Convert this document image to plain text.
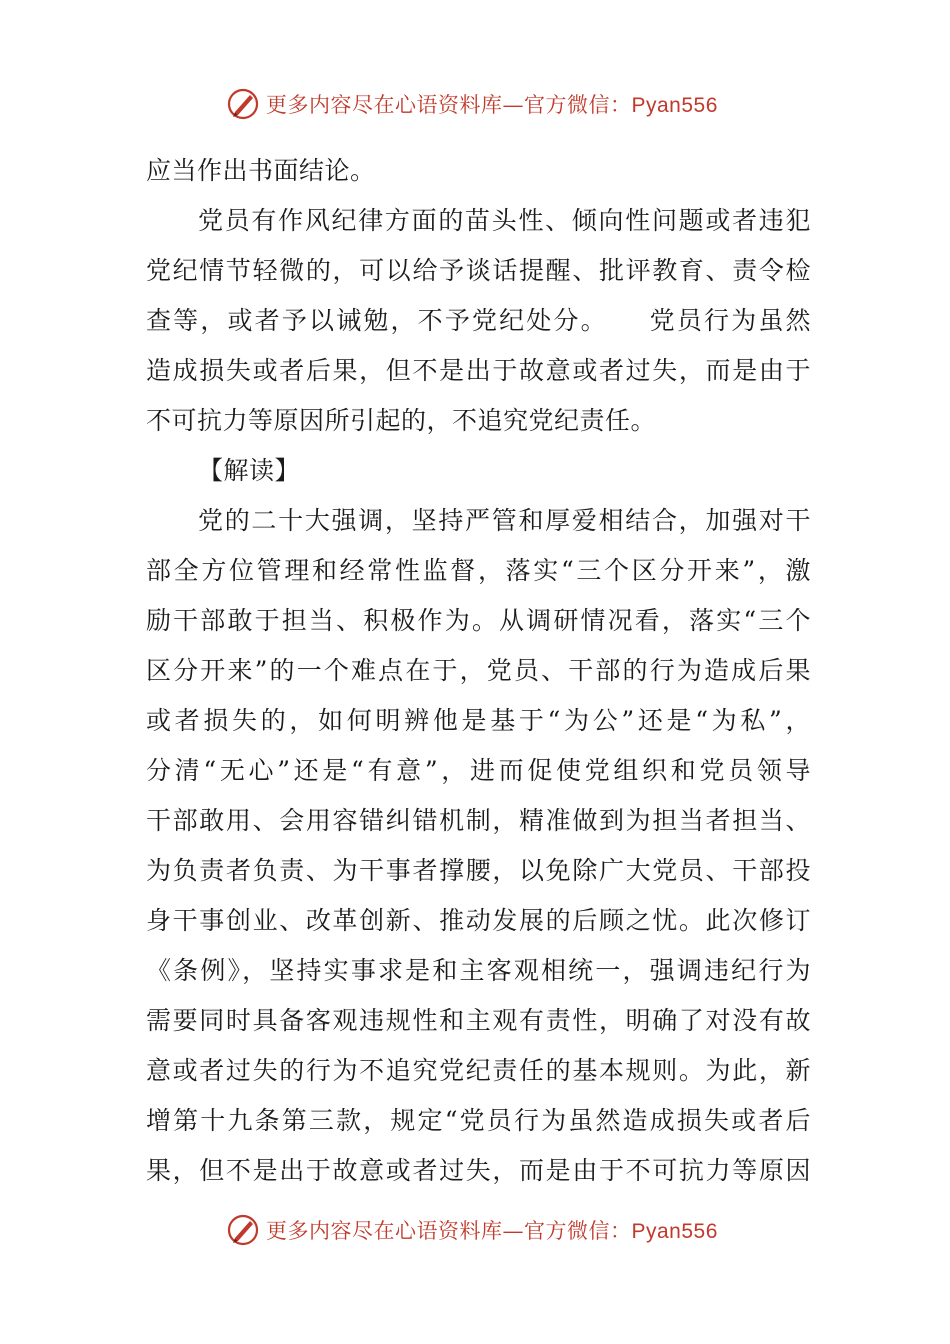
更多内容尽在心语资料库—官方微信：Pyan556
应当作出书面结论。
党员有作风纪律方面的苗头性、倾向性问题或者违犯
党纪情节轻微的，可以给予谈话提醒、批评教育、责令检
查等，或者予以诫勉，不予党纪处分。　　党员行为虽然
造成损失或者后果，但不是出于故意或者过失，而是由于
不可抗力等原因所引起的，不追究党纪责任。
【解读】
党的二十大强调，坚持严管和厚爱相结合，加强对干
部全方位管理和经常性监督，落实“三个区分开来”，激
励干部敢于担当、积极作为。从调研情况看，落实“三个
区分开来”的一个难点在于，党员、干部的行为造成后果
或者损失的，如何明辨他是基于“为公”还是“为私”，
分清“无心”还是“有意”，进而促使党组织和党员领导
干部敢用、会用容错纠错机制，精准做到为担当者担当、
为负责者负责、为干事者撑腰，以免除广大党员、干部投
身干事创业、改革创新、推动发展的后顾之忧。此次修订
《条例》，坚持实事求是和主客观相统一，强调违纪行为
需要同时具备客观违规性和主观有责性，明确了对没有故
意或者过失的行为不追究党纪责任的基本规则。为此，新
增第十九条第三款，规定“党员行为虽然造成损失或者后
果，但不是出于故意或者过失，而是由于不可抗力等原因
更多内容尽在心语资料库—官方微信：Pyan556
